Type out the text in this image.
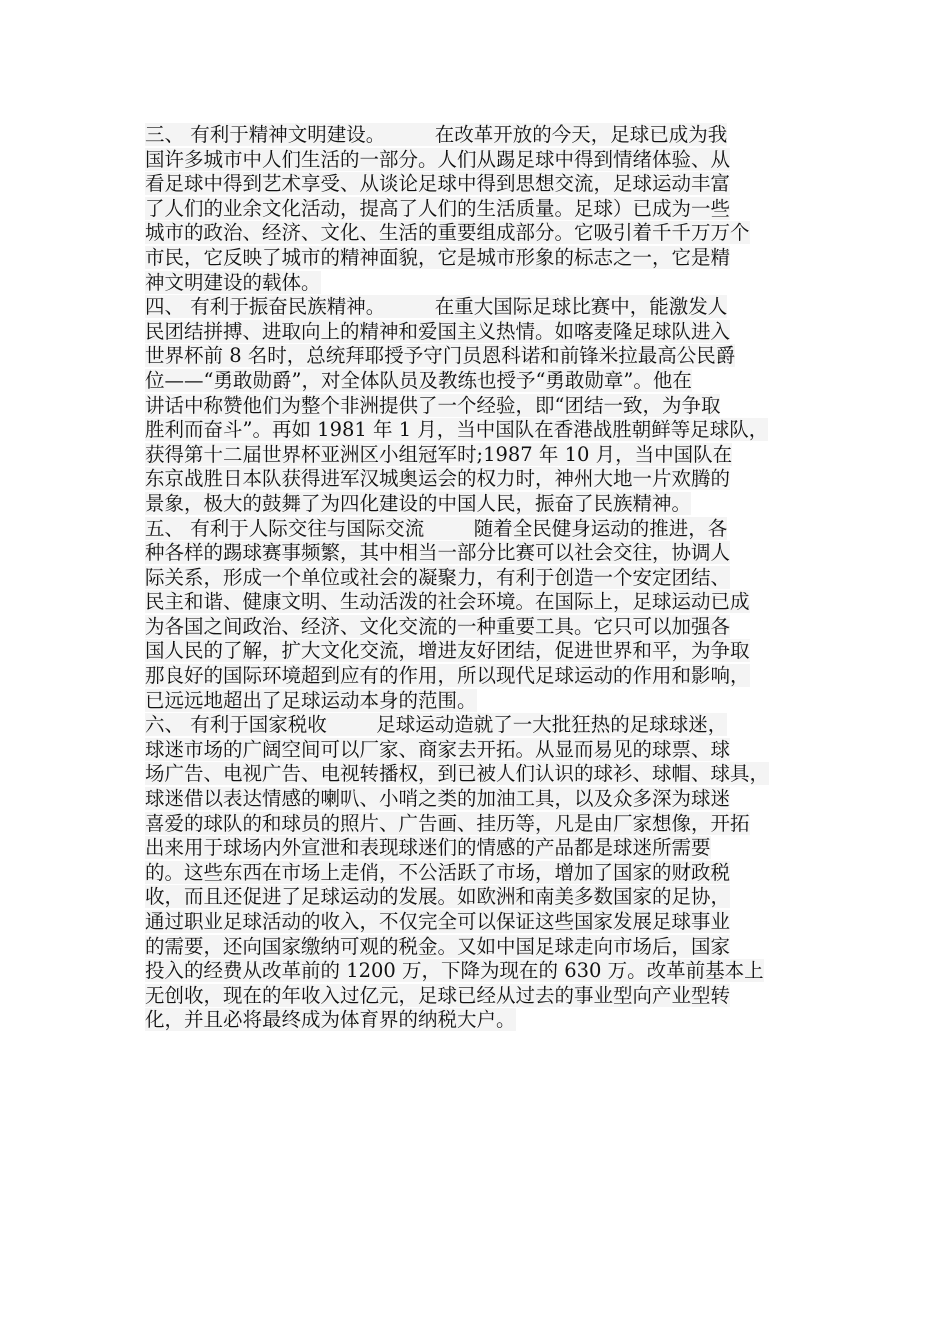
三、 有利于精神文明建设。        在改革开放的今天，足球已成为我
国许多城市中人们生活的一部分。人们从踢足球中得到情绪体验、从
看足球中得到艺术享受、从谈论足球中得到思想交流，足球运动丰富
了人们的业余文化活动，提高了人们的生活质量。足球）已成为一些
城市的政治、经济、文化、生活的重要组成部分。它吸引着千千万万个
市民，它反映了城市的精神面貌，它是城市形象的标志之一，它是精
神文明建设的载体。
四、 有利于振奋民族精神。        在重大国际足球比赛中，能激发人
民团结拼搏、进取向上的精神和爱国主义热情。如喀麦隆足球队进入
世界杯前 8 名时，总统拜耶授予守门员恩科诺和前锋米拉最高公民爵
位——“勇敢勋爵”，对全体队员及教练也授予“勇敢勋章”。他在
讲话中称赞他们为整个非洲提供了一个经验，即“团结一致，为争取
胜利而奋斗”。再如 1981 年 1 月，当中国队在香港战胜朝鲜等足球队，
获得第十二届世界杯亚洲区小组冠军时;1987 年 10 月，当中国队在
东京战胜日本队获得进军汉城奥运会的权力时，神州大地一片欢腾的
景象，极大的鼓舞了为四化建设的中国人民，振奋了民族精神。
五、 有利于人际交往与国际交流        随着全民健身运动的推进，各
种各样的踢球赛事频繁，其中相当一部分比赛可以社会交往，协调人
际关系，形成一个单位或社会的凝聚力，有利于创造一个安定团结、
民主和谐、健康文明、生动活泼的社会环境。在国际上，足球运动已成
为各国之间政治、经济、文化交流的一种重要工具。它只可以加强各
国人民的了解，扩大文化交流，增进友好团结，促进世界和平，为争取
那良好的国际环境超到应有的作用，所以现代足球运动的作用和影响，
已远远地超出了足球运动本身的范围。
六、 有利于国家税收        足球运动造就了一大批狂热的足球球迷，
球迷市场的广阔空间可以厂家、商家去开拓。从显而易见的球票、球
场广告、电视广告、电视转播权，到已被人们认识的球衫、球帽、球具，
球迷借以表达情感的喇叭、小哨之类的加油工具，以及众多深为球迷
喜爱的球队的和球员的照片、广告画、挂历等，凡是由厂家想像，开拓
出来用于球场内外宣泄和表现球迷们的情感的产品都是球迷所需要
的。这些东西在市场上走俏，不公活跃了市场，增加了国家的财政税
收，而且还促进了足球运动的发展。如欧洲和南美多数国家的足协，
通过职业足球活动的收入，不仅完全可以保证这些国家发展足球事业
的需要，还向国家缴纳可观的税金。又如中国足球走向市场后，国家
投入的经费从改革前的 1200 万，下降为现在的 630 万。改革前基本上
无创收，现在的年收入过亿元，足球已经从过去的事业型向产业型转
化，并且必将最终成为体育界的纳税大户。
